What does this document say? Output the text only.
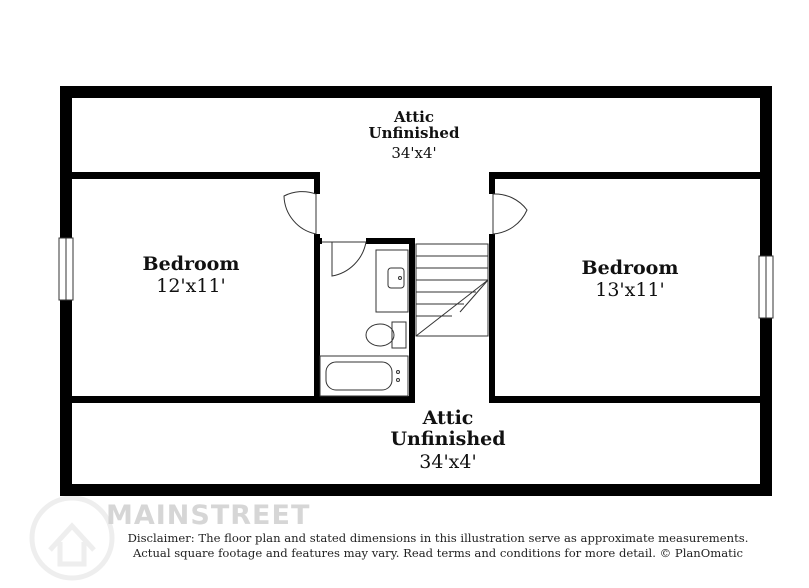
MAINSTREET
Attic
Unfinished
34'x4'
Bedroom
12'x11'
Bedroom
13'x11'
Attic
Unfinished
34'x4'
Disclaimer: The floor plan and stated dimensions in this illustration serve as approximate measurements.
Actual square footage and features may vary. Read terms and conditions for more detail. © PlanOmatic
